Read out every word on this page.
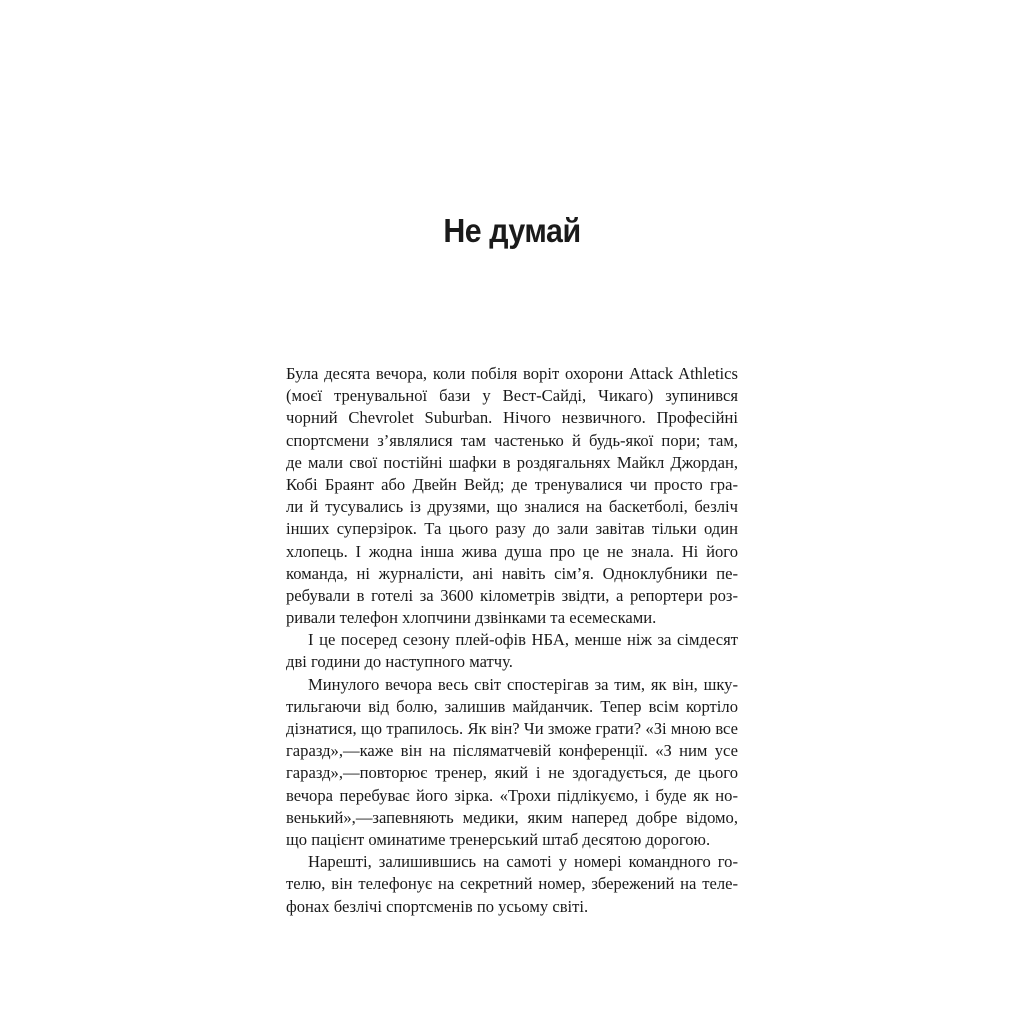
Не думай
Була десята вечора, коли побіля воріт охорони Attack Athletics
(моєї тренувальної бази у Вест-Сайді, Чикаго) зупинився
чорний Chevrolet Suburban. Нічого незвичного. Професійні
спортсмени з’являлися там частенько й будь-якої пори; там,
де мали свої постійні шафки в роздягальнях Майкл Джордан,
Кобі Браянт або Двейн Вейд; де тренувалися чи просто гра-
ли й тусувались із друзями, що зналися на баскетболі, безліч
інших суперзірок. Та цього разу до зали завітав тільки один
хлопець. І жодна інша жива душа про це не знала. Ні його
команда, ні журналісти, ані навіть сім’я. Одноклубники пе-
ребували в готелі за 3600 кілометрів звідти, а репортери роз-
ривали телефон хлопчини дзвінками та есемесками.
І це посеред сезону плей-офів НБА, менше ніж за сімдесят
дві години до наступного матчу.
Минулого вечора весь світ спостерігав за тим, як він, шку-
тильгаючи від болю, залишив майданчик. Тепер всім кортіло
дізнатися, що трапилось. Як він? Чи зможе грати? «Зі мною все
гаразд»,—каже він на післяматчевій конференції. «З ним усе
гаразд»,—повторює тренер, який і не здогадується, де цього
вечора перебуває його зірка. «Трохи підлікуємо, і буде як но-
венький»,—запевняють медики, яким наперед добре відомо,
що пацієнт оминатиме тренерський штаб десятою дорогою.
Нарешті, залишившись на самоті у номері командного го-
телю, він телефонує на секретний номер, збережений на теле-
фонах безлічі спортсменів по усьому світі.
